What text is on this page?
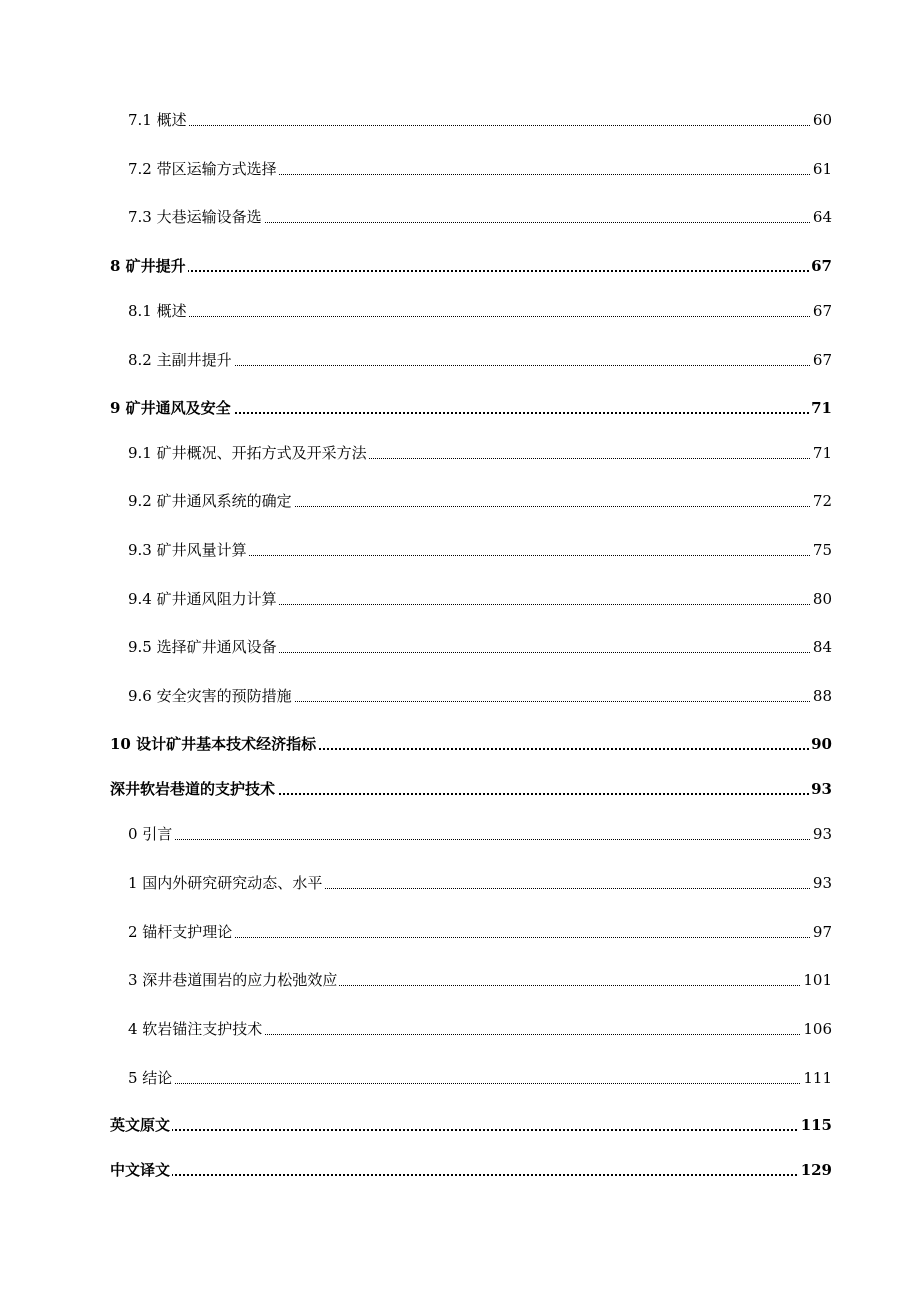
7.1 概述	60
7.2 带区运输方式选择	61
7.3 大巷运输设备选	64
8 矿井提升	67
8.1 概述	67
8.2 主副井提升	67
9 矿井通风及安全	71
9.1 矿井概况、开拓方式及开采方法	71
9.2 矿井通风系统的确定	72
9.3 矿井风量计算	75
9.4 矿井通风阻力计算	80
9.5 选择矿井通风设备	84
9.6 安全灾害的预防措施	88
10 设计矿井基本技术经济指标	90
深井软岩巷道的支护技术	93
0 引言	93
1 国内外研究研究动态、水平	93
2 锚杆支护理论	97
3 深井巷道围岩的应力松弛效应	101
4 软岩锚注支护技术	106
5 结论	111
英文原文	115
中文译文	129
